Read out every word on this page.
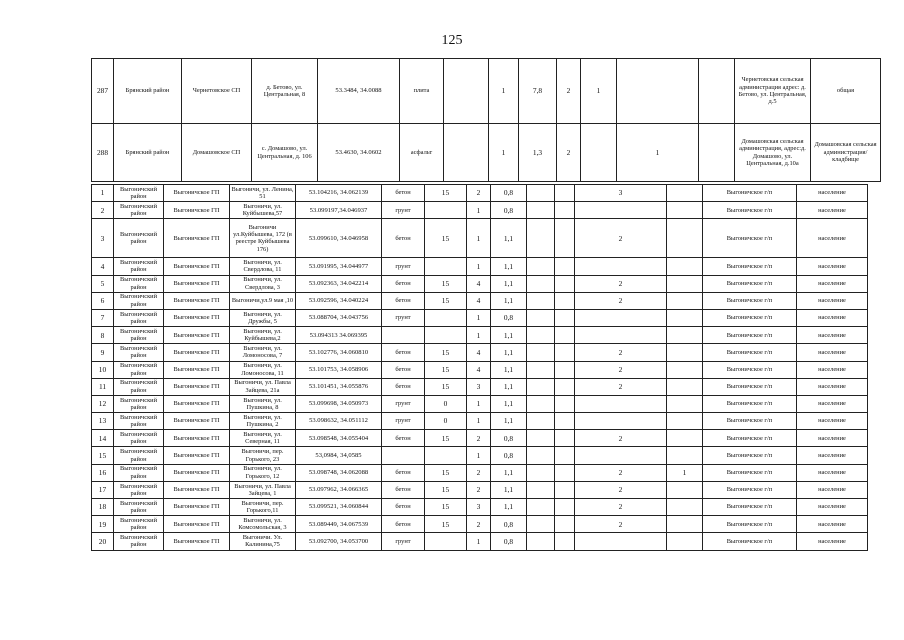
125
287	Брянский район	Чернетовское СП	д. Бетово, ул. Центральная, 8	53.3484, 34.0088	плита		1	7,8	2	1			Чернетовская сельская администрация адрес: д. Бетово, ул. Центральная, д.5	общая
288	Брянский район	Домашовское СП	с. Домашово, ул. Центральная, д. 106	53.4630, 34.0602	асфальт		1	1,3	2		1		Домашовская сельская администрация, адрес:д. Домашово, ул. Центральная, д.10а	Домашовская сельская администрация/ кладбище
1	Выгоничский район	Выгоничское ГП	Выгоничи, ул. Ленина, 51	53.104216, 34.062139	бетон	15	2	0,8			3		Выгоничское г/п	население
2	Выгоничский район	Выгоничское ГП	Выгоничи, ул. Куйбышева,57	53.099197,34.046937	грунт		1	0,8					Выгоничское г/п	население
3	Выгоничский район	Выгоничское ГП	Выгоничи ул.Куйбышева, 172 (в реестре Куйбышева 176)	53.099610, 34.046958	бетон	15	1	1,1			2		Выгоничское г/п	население
4	Выгоничский район	Выгоничское ГП	Выгоничи, ул. Свердлова, 11	53.091995, 34.044977	грунт		1	1,1					Выгоничское г/п	население
5	Выгоничский район	Выгоничское ГП	Выгоничи, ул. Свердлова, 3	53.092363, 34.042214	бетон	15	4	1,1			2		Выгоничское г/п	население
6	Выгоничский район	Выгоничское ГП	Выгоничи,ул.9 мая ,10	53.092596, 34.040224	бетон	15	4	1,1			2		Выгоничское г/п	население
7	Выгоничский район	Выгоничское ГП	Выгоничи, ул. Дружбы, 5	53.088704, 34.043756	грунт		1	0,8					Выгоничское г/п	население
8	Выгоничский район	Выгоничское ГП	Выгоничи, ул. Куйбышева,2	53.094313 34.069395			1	1,1					Выгоничское г/п	население
9	Выгоничский район	Выгоничское ГП	Выгоничи, ул. Ломоносова, 7	53.102776, 34.060810	бетон	15	4	1,1			2		Выгоничское г/п	население
10	Выгоничский район	Выгоничское ГП	Выгоничи, ул. Ломоносова, 11	53.101753, 34.058906	бетон	15	4	1,1			2		Выгоничское г/п	население
11	Выгоничский район	Выгоничское ГП	Выгоничи, ул. Павла Зайцева, 21а	53.101451, 34.055876	бетон	15	3	1,1			2		Выгоничское г/п	население
12	Выгоничский район	Выгоничское ГП	Выгоничи, ул. Пушкина, 8	53.099698, 34.050973	грунт	0	1	1,1					Выгоничское г/п	население
13	Выгоничский район	Выгоничское ГП	Выгоничи, ул. Пушкина, 2	53.098632, 34.051112	грунт	0	1	1,1					Выгоничское г/п	население
14	Выгоничский район	Выгоничское ГП	Выгоничи, ул. Северная, 11	53.098548, 34.055404	бетон	15	2	0,8			2		Выгоничское г/п	население
15	Выгоничский район	Выгоничское ГП	Выгоничи, пер. Горького, 23	53,0984, 34,0585			1	0,8					Выгоничское г/п	население
16	Выгоничский район	Выгоничское ГП	Выгоничи, ул. Горького, 12	53.098748, 34.062088	бетон	15	2	1,1			2	1	Выгоничское г/п	население
17	Выгоничский район	Выгоничское ГП	Выгоничи, ул. Павла Зайцева, 1	53.097962, 34.066365	бетон	15	2	1,1			2		Выгоничское г/п	население
18	Выгоничский район	Выгоничское ГП	Выгоничи, пер. Горького,11	53.099521, 34.060844	бетон	15	3	1,1			2		Выгоничское г/п	население
19	Выгоничский район	Выгоничское ГП	Выгоничи, ул. Комсомольская, 3	53.089449, 34.067539	бетон	15	2	0,8			2		Выгоничское г/п	население
20	Выгоничский район	Выгоничское ГП	Выгоничи. Ул. Калинина,75	53.092700, 34.053700	грунт		1	0,8					Выгоничское г/п	население
